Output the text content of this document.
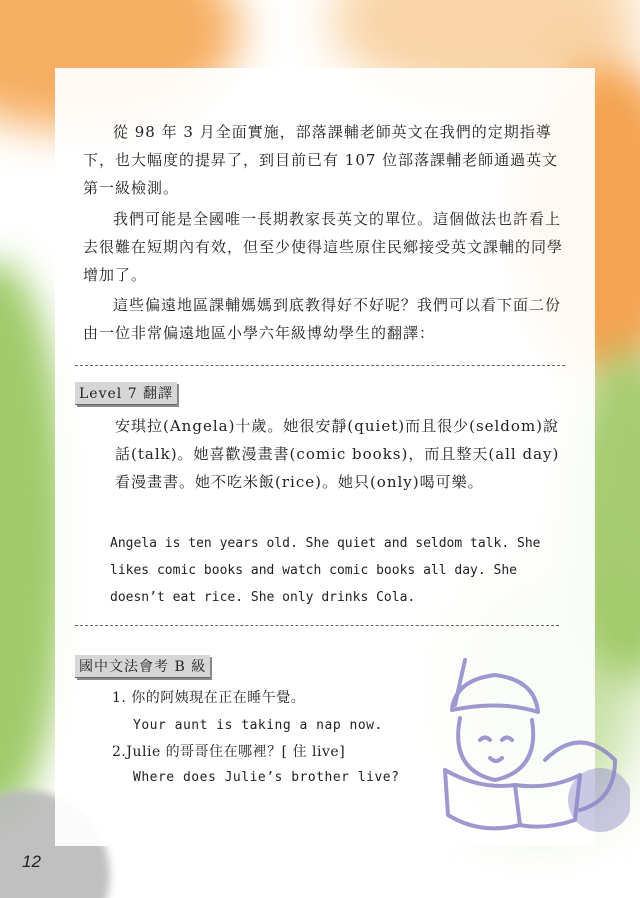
從 98 年 3 月全面實施，部落課輔老師英文在我們的定期指導下，也大幅度的提昇了，到目前已有 107 位部落課輔老師通過英文第一級檢測。

我們可能是全國唯一長期教家長英文的單位。這個做法也許看上去很難在短期內有效，但至少使得這些原住民鄉接受英文課輔的同學增加了。

這些偏遠地區課輔媽媽到底教得好不好呢？我們可以看下面二份由一位非常偏遠地區小學六年級博幼學生的翻譯：

Level 7 翻譯

安琪拉(Angela)十歲。她很安靜(quiet)而且很少(seldom)說話(talk)。她喜歡漫畫書(comic books)，而且整天(all day)看漫畫書。她不吃米飯(rice)。她只(only)喝可樂。

Angela is ten years old. She quiet and seldom talk. She likes comic books and watch comic books all day. She doesn’t eat rice. She only drinks Cola.

國中文法會考 B 級
1. 你的阿姨現在正在睡午覺。
Your aunt is taking a nap now.
2.Julie 的哥哥住在哪裡？[ 住 live]
Where does Julie’s brother live?
12
